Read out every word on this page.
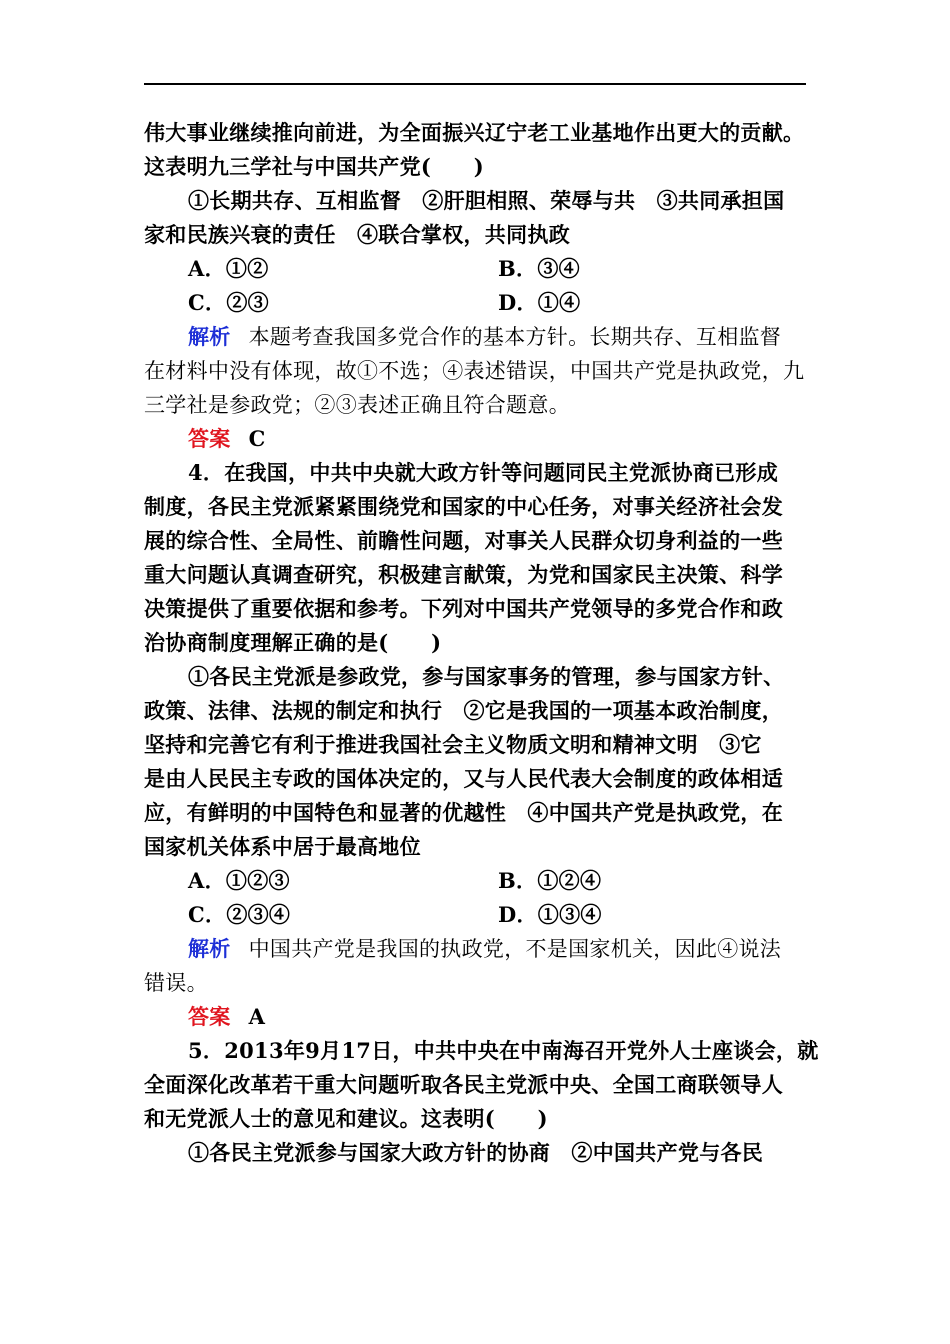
伟大事业继续推向前进，为全面振兴辽宁老工业基地作出更大的贡献。
这表明九三学社与中国共产党(　　)
①长期共存、互相监督　②肝胆相照、荣辱与共　③共同承担国
家和民族兴衰的责任　④联合掌权，共同执政
A．①②	B．③④
C．②③	D．①④
解析 本题考查我国多党合作的基本方针。长期共存、互相监督
在材料中没有体现，故①不选；④表述错误，中国共产党是执政党，九
三学社是参政党；②③表述正确且符合题意。
答案 C
4．在我国，中共中央就大政方针等问题同民主党派协商已形成
制度，各民主党派紧紧围绕党和国家的中心任务，对事关经济社会发
展的综合性、全局性、前瞻性问题，对事关人民群众切身利益的一些
重大问题认真调查研究，积极建言献策，为党和国家民主决策、科学
决策提供了重要依据和参考。下列对中国共产党领导的多党合作和政
治协商制度理解正确的是(　　)
①各民主党派是参政党，参与国家事务的管理，参与国家方针、
政策、法律、法规的制定和执行　②它是我国的一项基本政治制度，
坚持和完善它有利于推进我国社会主义物质文明和精神文明　③它
是由人民民主专政的国体决定的，又与人民代表大会制度的政体相适
应，有鲜明的中国特色和显著的优越性　④中国共产党是执政党，在
国家机关体系中居于最高地位
A．①②③	B．①②④
C．②③④	D．①③④
解析 中国共产党是我国的执政党，不是国家机关，因此④说法
错误。
答案 A
5．2013年9月17日，中共中央在中南海召开党外人士座谈会，就
全面深化改革若干重大问题听取各民主党派中央、全国工商联领导人
和无党派人士的意见和建议。这表明(　　)
①各民主党派参与国家大政方针的协商　②中国共产党与各民
